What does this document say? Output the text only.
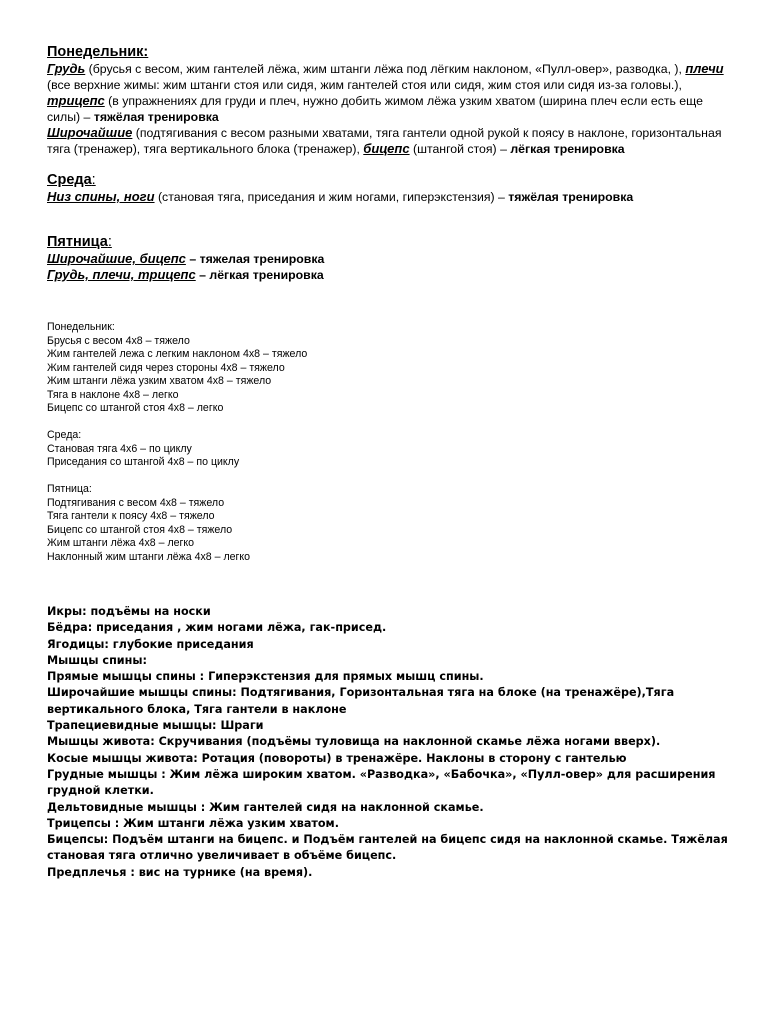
Понедельник:

Грудь (брусья с весом, жим гантелей лёжа, жим штанги лёжа под лёгким наклоном, «Пулл-овер», разводка, ), плечи (все верхние жимы: жим штанги стоя или сидя, жим гантелей стоя или сидя, жим стоя или сидя из-за головы.), трицепс (в упражнениях для груди и плеч, нужно добить жимом лёжа узким хватом (ширина плеч если есть еще силы) – тяжёлая тренировка

Широчайшие (подтягивания с весом разными хватами, тяга гантели одной рукой к поясу в наклоне, горизонтальная тяга (тренажер), тяга вертикального блока (тренажер), бицепс (штангой стоя) – лёгкая тренировка

Среда:

Низ спины, ноги (становая тяга, приседания и жим ногами, гиперэкстензия) – тяжёлая тренировка

Пятница:

Широчайшие, бицепс – тяжелая тренировка

Грудь, плечи, трицепс – лёгкая тренировка

Понедельник:
Брусья с весом 4х8 – тяжело
Жим гантелей лежа с легким наклоном 4х8 – тяжело
Жим гантелей сидя через стороны 4х8 – тяжело
Жим штанги лёжа узким хватом 4х8 – тяжело
Тяга в наклоне 4х8 – легко
Бицепс со штангой стоя 4х8 – легко
Среда:
Становая тяга 4х6 – по циклу
Приседания со штангой 4х8 – по циклу
Пятница:
Подтягивания с весом 4х8 – тяжело
Тяга гантели к поясу 4х8 – тяжело
Бицепс со штангой стоя 4х8 – тяжело
Жим штанги лёжа 4х8 – легко
Наклонный жим штанги лёжа 4х8 – легко

Икры: подъёмы на носки

Бёдра: приседания , жим ногами лёжа, гак-присед.

Ягодицы: глубокие приседания

Мышцы спины:

Прямые мышцы спины : Гиперэкстензия для прямых мышц спины.

Широчайшие мышцы спины: Подтягивания, Горизонтальная тяга на блоке (на тренажёре),Тяга вертикального блока, Тяга гантели в наклоне

Трапециевидные мышцы: Шраги

Мышцы живота: Скручивания (подъёмы туловища на наклонной скамье лёжа ногами вверх).

Косые мышцы живота: Ротация (повороты) в тренажёре. Наклоны в сторону с гантелью

Грудные мышцы : Жим лёжа широким хватом. «Разводка», «Бабочка», «Пулл-овер» для расширения грудной клетки.

Дельтовидные мышцы : Жим гантелей сидя на наклонной скамье.

Трицепсы : Жим штанги лёжа узким хватом.

Бицепсы: Подъём штанги на бицепс. и Подъём гантелей на бицепс сидя на наклонной скамье. Тяжёлая становая тяга отлично увеличивает в объёме бицепс.

Предплечья : вис на турнике (на время).
